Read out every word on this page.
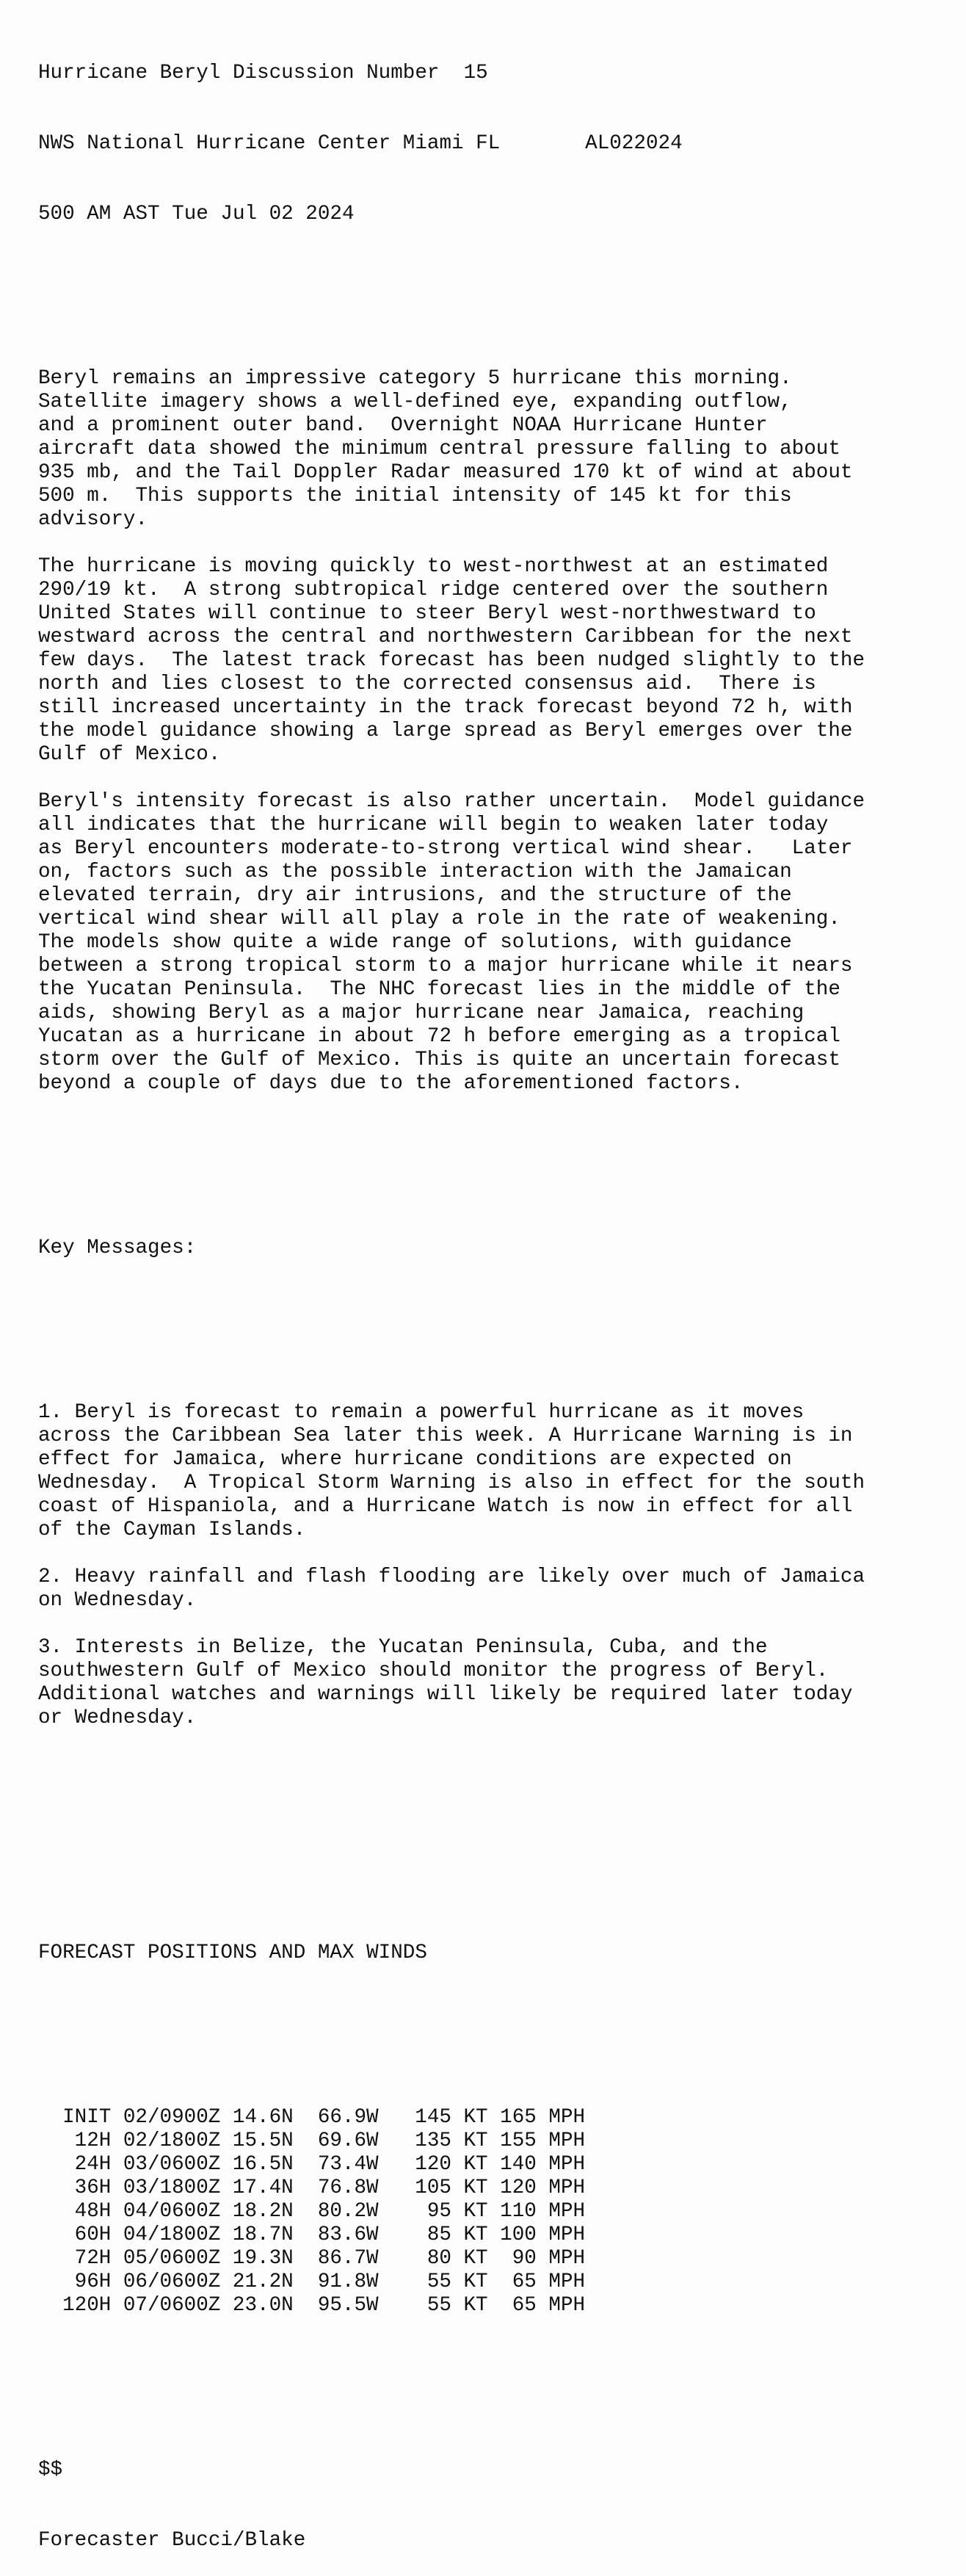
Hurricane Beryl Discussion Number  15

NWS National Hurricane Center Miami FL	AL022024

500 AM AST Tue Jul 02 2024

Beryl remains an impressive category 5 hurricane this morning.
Satellite imagery shows a well-defined eye, expanding outflow,
and a prominent outer band.  Overnight NOAA Hurricane Hunter
aircraft data showed the minimum central pressure falling to about
935 mb, and the Tail Doppler Radar measured 170 kt of wind at about
500 m.  This supports the initial intensity of 145 kt for this
advisory.
The hurricane is moving quickly to west-northwest at an estimated
290/19 kt.  A strong subtropical ridge centered over the southern
United States will continue to steer Beryl west-northwestward to
westward across the central and northwestern Caribbean for the next
few days.  The latest track forecast has been nudged slightly to the
north and lies closest to the corrected consensus aid.  There is
still increased uncertainty in the track forecast beyond 72 h, with
the model guidance showing a large spread as Beryl emerges over the
Gulf of Mexico.
Beryl's intensity forecast is also rather uncertain.  Model guidance
all indicates that the hurricane will begin to weaken later today
as Beryl encounters moderate-to-strong vertical wind shear.   Later
on, factors such as the possible interaction with the Jamaican
elevated terrain, dry air intrusions, and the structure of the
vertical wind shear will all play a role in the rate of weakening.
The models show quite a wide range of solutions, with guidance
between a strong tropical storm to a major hurricane while it nears
the Yucatan Peninsula.  The NHC forecast lies in the middle of the
aids, showing Beryl as a major hurricane near Jamaica, reaching
Yucatan as a hurricane in about 72 h before emerging as a tropical
storm over the Gulf of Mexico. This is quite an uncertain forecast
beyond a couple of days due to the aforementioned factors.

Key Messages:

1. Beryl is forecast to remain a powerful hurricane as it moves
across the Caribbean Sea later this week. A Hurricane Warning is in
effect for Jamaica, where hurricane conditions are expected on
Wednesday.  A Tropical Storm Warning is also in effect for the south
coast of Hispaniola, and a Hurricane Watch is now in effect for all
of the Cayman Islands.
2. Heavy rainfall and flash flooding are likely over much of Jamaica
on Wednesday.
3. Interests in Belize, the Yucatan Peninsula, Cuba, and the
southwestern Gulf of Mexico should monitor the progress of Beryl.
Additional watches and warnings will likely be required later today
or Wednesday.

FORECAST POSITIONS AND MAX WINDS

INIT 02/0900Z 14.6N 66.9W 145 KT 165 MPH
12H 02/1800Z 15.5N 69.6W 135 KT 155 MPH
24H 03/0600Z 16.5N 73.4W 120 KT 140 MPH
36H 03/1800Z 17.4N 76.8W 105 KT 120 MPH
48H 04/0600Z 18.2N 80.2W 95 KT 110 MPH
60H 04/1800Z 18.7N 83.6W 85 KT 100 MPH
72H 05/0600Z 19.3N 86.7W 80 KT 90 MPH
96H 06/0600Z 21.2N 91.8W 55 KT 65 MPH
120H 07/0600Z 23.0N 95.5W 55 KT 65 MPH

$$

Forecaster Bucci/Blake
